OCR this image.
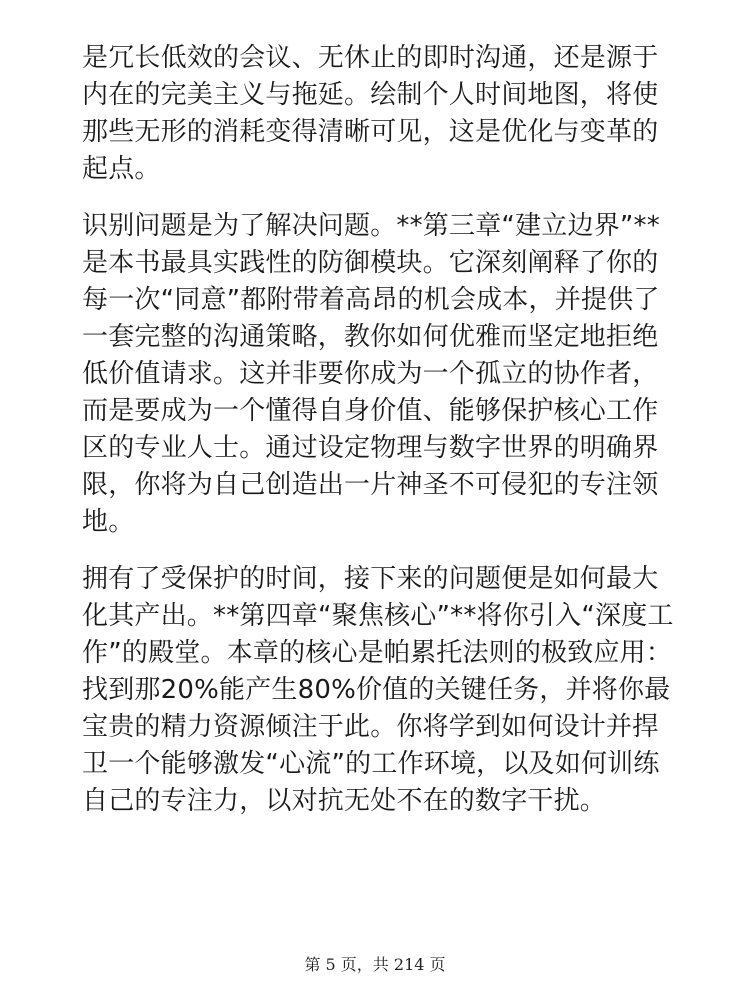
是冗长低效的会议、无休止的即时沟通，还是源于内在的完美主义与拖延。绘制个人时间地图，将使那些无形的消耗变得清晰可见，这是优化与变革的起点。

识别问题是为了解决问题。**第三章“建立边界”**是本书最具实践性的防御模块。它深刻阐释了你的每一次“同意”都附带着高昂的机会成本，并提供了一套完整的沟通策略，教你如何优雅而坚定地拒绝低价值请求。这并非要你成为一个孤立的协作者，而是要成为一个懂得自身价值、能够保护核心工作区的专业人士。通过设定物理与数字世界的明确界限，你将为自己创造出一片神圣不可侵犯的专注领地。

拥有了受保护的时间，接下来的问题便是如何最大化其产出。**第四章“聚焦核心”**将你引入“深度工作”的殿堂。本章的核心是帕累托法则的极致应用：找到那20%能产生80%价值的关键任务，并将你最宝贵的精力资源倾注于此。你将学到如何设计并捍卫一个能够激发“心流”的工作环境，以及如何训练自己的专注力，以对抗无处不在的数字干扰。

第 5 页，共 214 页
